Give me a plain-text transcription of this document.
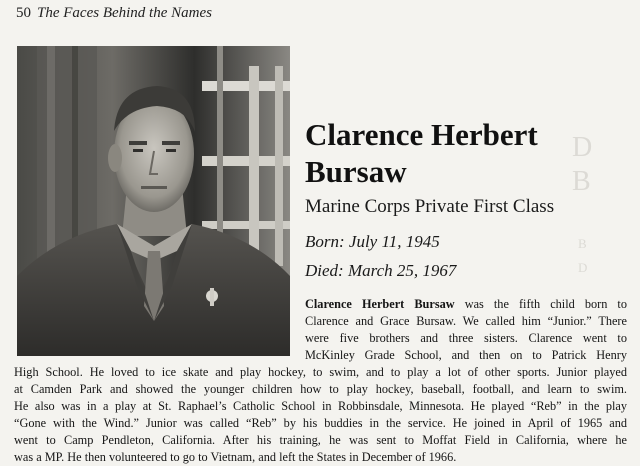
D
B
B
D
50 The Faces Behind the Names
Clarence Herbert
Bursaw
Marine Corps Private First Class
Born: July 11, 1945
Died: March 25, 1967
Clarence Herbert Bursaw was the fifth child born to
Clarence and Grace Bursaw. We called him “Junior.” There
were five brothers and three sisters. Clarence went to
McKinley Grade School, and then on to Patrick Henry
High School. He loved to ice skate and play hockey, to swim, and to play a lot of other sports. Junior played
at Camden Park and showed the younger children how to play hockey, baseball, football, and learn to swim.
He also was in a play at St. Raphael’s Catholic School in Robbinsdale, Minnesota. He played “Reb” in the play
“Gone with the Wind.” Junior was called “Reb” by his buddies in the service. He joined in April of 1965 and
went to Camp Pendleton, California. After his training, he was sent to Moffat Field in California, where he
was a MP. He then volunteered to go to Vietnam, and left the States in December of 1966.
